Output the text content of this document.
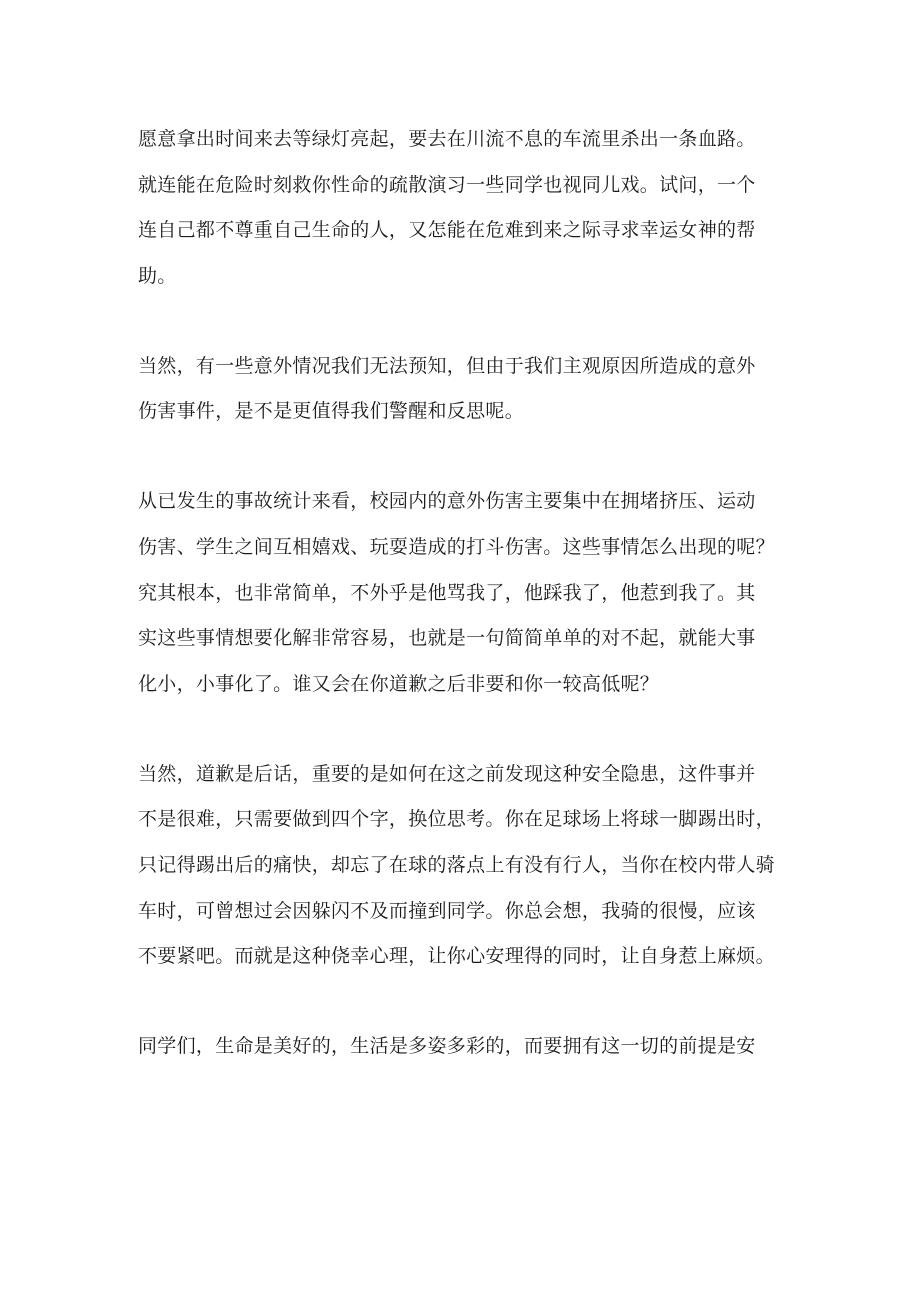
愿意拿出时间来去等绿灯亮起，要去在川流不息的车流里杀出一条血路。
就连能在危险时刻救你性命的疏散演习一些同学也视同儿戏。试问，一个
连自己都不尊重自己生命的人，又怎能在危难到来之际寻求幸运女神的帮
助。
当然，有一些意外情况我们无法预知，但由于我们主观原因所造成的意外
伤害事件，是不是更值得我们警醒和反思呢。
从已发生的事故统计来看，校园内的意外伤害主要集中在拥堵挤压、运动
伤害、学生之间互相嬉戏、玩耍造成的打斗伤害。这些事情怎么出现的呢？
究其根本，也非常简单，不外乎是他骂我了，他踩我了，他惹到我了。其
实这些事情想要化解非常容易，也就是一句简简单单的对不起，就能大事
化小，小事化了。谁又会在你道歉之后非要和你一较高低呢？
当然，道歉是后话，重要的是如何在这之前发现这种安全隐患，这件事并
不是很难，只需要做到四个字，换位思考。你在足球场上将球一脚踢出时，
只记得踢出后的痛快，却忘了在球的落点上有没有行人，当你在校内带人骑
车时，可曾想过会因躲闪不及而撞到同学。你总会想，我骑的很慢，应该
不要紧吧。而就是这种侥幸心理，让你心安理得的同时，让自身惹上麻烦。
同学们，生命是美好的，生活是多姿多彩的，而要拥有这一切的前提是安
